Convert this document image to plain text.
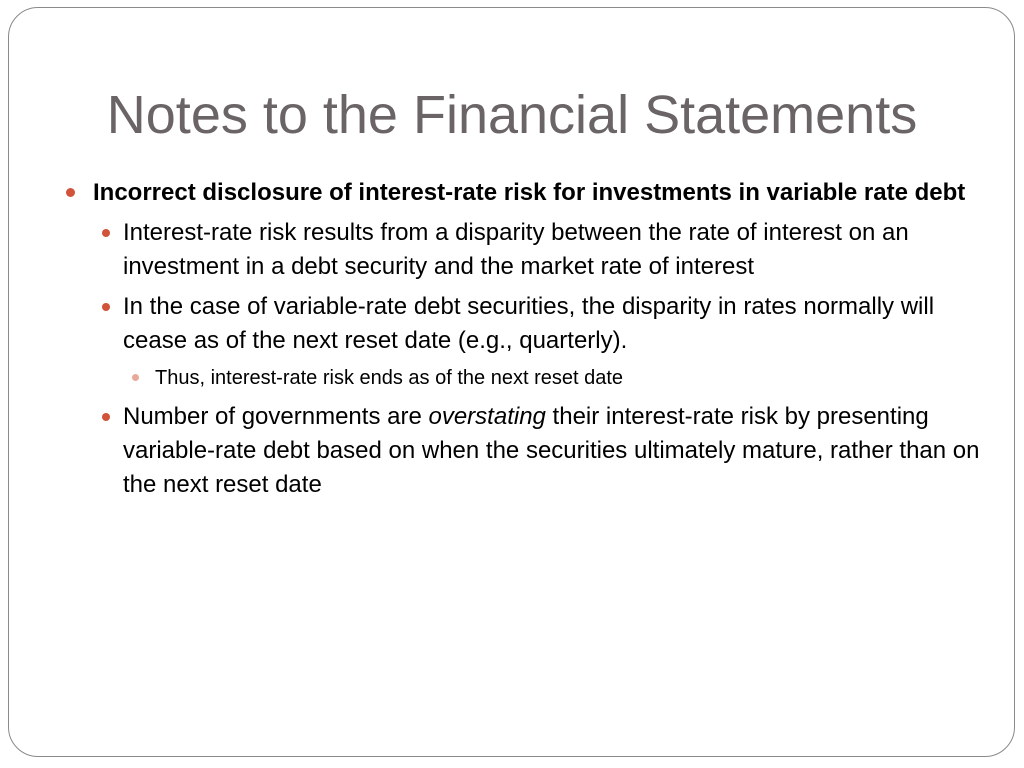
Notes to the Financial Statements
Incorrect disclosure of interest-rate risk for investments in variable rate debt
Interest-rate risk results from a disparity between the rate of interest on an investment in a debt security and the market rate of interest
In the case of variable-rate debt securities, the disparity in rates normally will cease as of the next reset date (e.g., quarterly).
Thus, interest-rate risk ends as of the next reset date
Number of governments are overstating their interest-rate risk by presenting variable-rate debt based on when the securities ultimately mature, rather than on the next reset date
